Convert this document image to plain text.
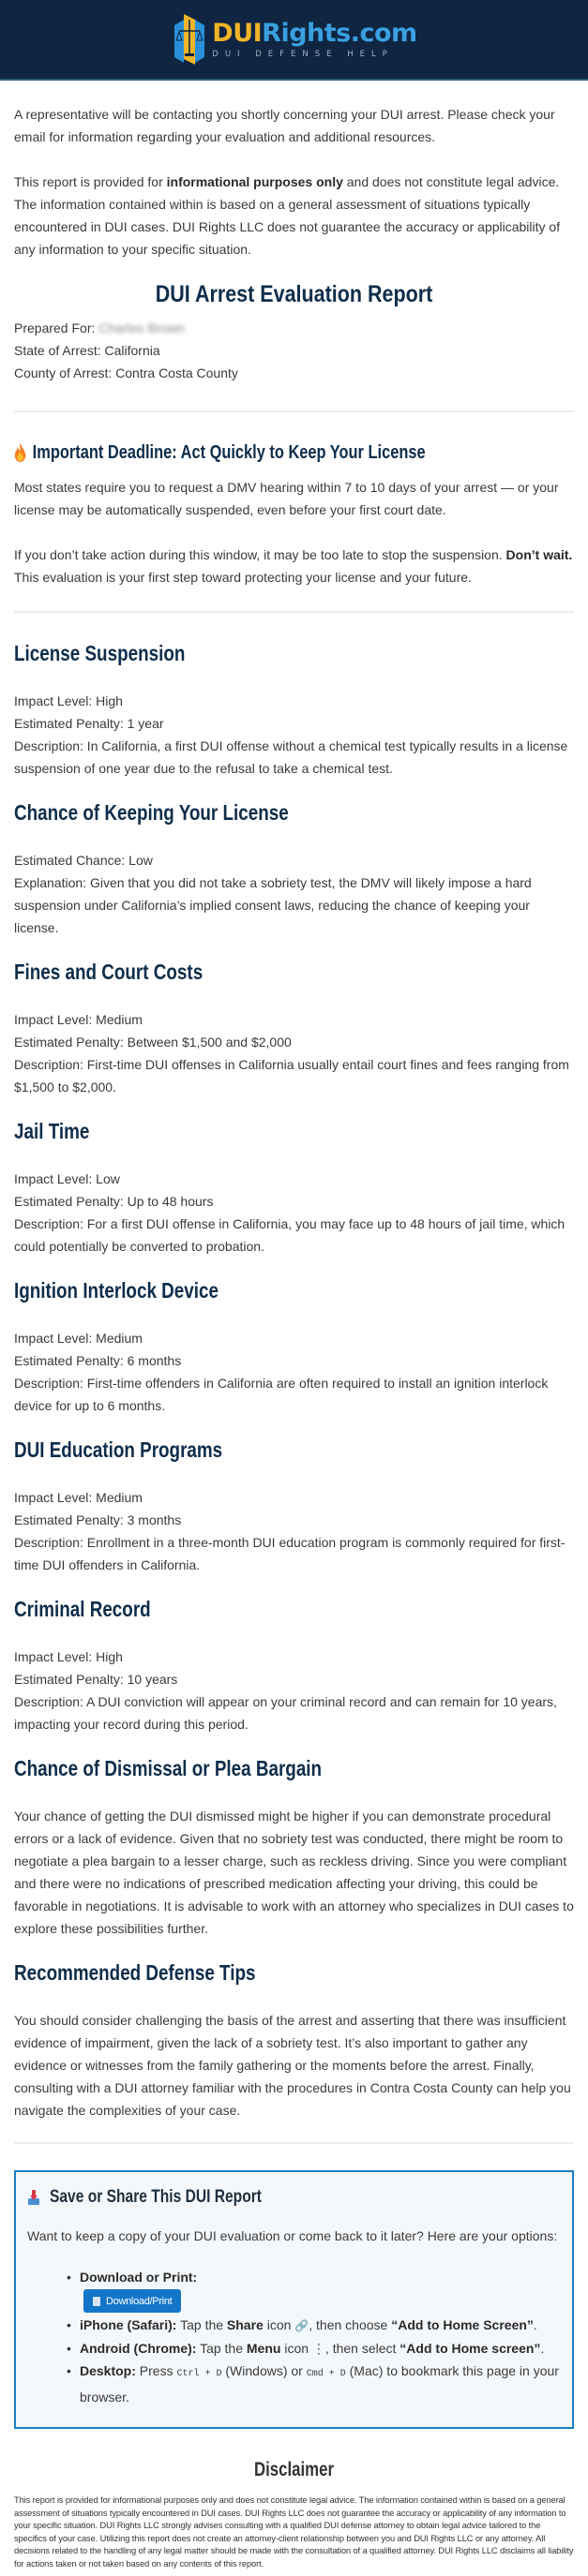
DUIRights.com
DUI DEFENSE HELP

A representative will be contacting you shortly concerning your DUI arrest. Please check your email for information regarding your evaluation and additional resources.

This report is provided for informational purposes only and does not constitute legal advice. The information contained within is based on a general assessment of situations typically encountered in DUI cases. DUI Rights LLC does not guarantee the accuracy or applicability of any information to your specific situation.

DUI Arrest Evaluation Report
Prepared For: Charles Brown
State of Arrest: California
County of Arrest: Contra Costa County
Important Deadline: Act Quickly to Keep Your License

Most states require you to request a DMV hearing within 7 to 10 days of your arrest — or your license may be automatically suspended, even before your first court date.

If you don’t take action during this window, it may be too late to stop the suspension. Don’t wait. This evaluation is your first step toward protecting your license and your future.

License Suspension
Impact Level: High
Estimated Penalty: 1 year
Description: In California, a first DUI offense without a chemical test typically results in a license suspension of one year due to the refusal to take a chemical test.
Chance of Keeping Your License
Estimated Chance: Low
Explanation: Given that you did not take a sobriety test, the DMV will likely impose a hard suspension under California’s implied consent laws, reducing the chance of keeping your license.
Fines and Court Costs
Impact Level: Medium
Estimated Penalty: Between $1,500 and $2,000
Description: First-time DUI offenses in California usually entail court fines and fees ranging from $1,500 to $2,000.
Jail Time
Impact Level: Low
Estimated Penalty: Up to 48 hours
Description: For a first DUI offense in California, you may face up to 48 hours of jail time, which could potentially be converted to probation.
Ignition Interlock Device
Impact Level: Medium
Estimated Penalty: 6 months
Description: First-time offenders in California are often required to install an ignition interlock device for up to 6 months.
DUI Education Programs
Impact Level: Medium
Estimated Penalty: 3 months
Description: Enrollment in a three-month DUI education program is commonly required for first-time DUI offenders in California.
Criminal Record
Impact Level: High
Estimated Penalty: 10 years
Description: A DUI conviction will appear on your criminal record and can remain for 10 years, impacting your record during this period.
Chance of Dismissal or Plea Bargain
Your chance of getting the DUI dismissed might be higher if you can demonstrate procedural errors or a lack of evidence. Given that no sobriety test was conducted, there might be room to negotiate a plea bargain to a lesser charge, such as reckless driving. Since you were compliant and there were no indications of prescribed medication affecting your driving, this could be favorable in negotiations. It is advisable to work with an attorney who specializes in DUI cases to explore these possibilities further.
Recommended Defense Tips
You should consider challenging the basis of the arrest and asserting that there was insufficient evidence of impairment, given the lack of a sobriety test. It’s also important to gather any evidence or witnesses from the family gathering or the moments before the arrest. Finally, consulting with a DUI attorney familiar with the procedures in Contra Costa County can help you navigate the complexities of your case.
Save or Share This DUI Report

Want to keep a copy of your DUI evaluation or come back to it later? Here are your options:

• Download or Print:

Download/Print
• iPhone (Safari): Tap the Share icon 🔗, then choose “Add to Home Screen”.
• Android (Chrome): Tap the Menu icon ⋮, then select “Add to Home screen”.
• Desktop: Press Ctrl + D (Windows) or Cmd + D (Mac) to bookmark this page in your browser.
Disclaimer

This report is provided for informational purposes only and does not constitute legal advice. The information contained within is based on a general assessment of situations typically encountered in DUI cases. DUI Rights LLC does not guarantee the accuracy or applicability of any information to your specific situation. DUI Rights LLC strongly advises consulting with a qualified DUI defense attorney to obtain legal advice tailored to the specifics of your case. Utilizing this report does not create an attorney-client relationship between you and DUI Rights LLC or any attorney. All decisions related to the handling of any legal matter should be made with the consultation of a qualified attorney. DUI Rights LLC disclaims all liability for actions taken or not taken based on any contents of this report.
